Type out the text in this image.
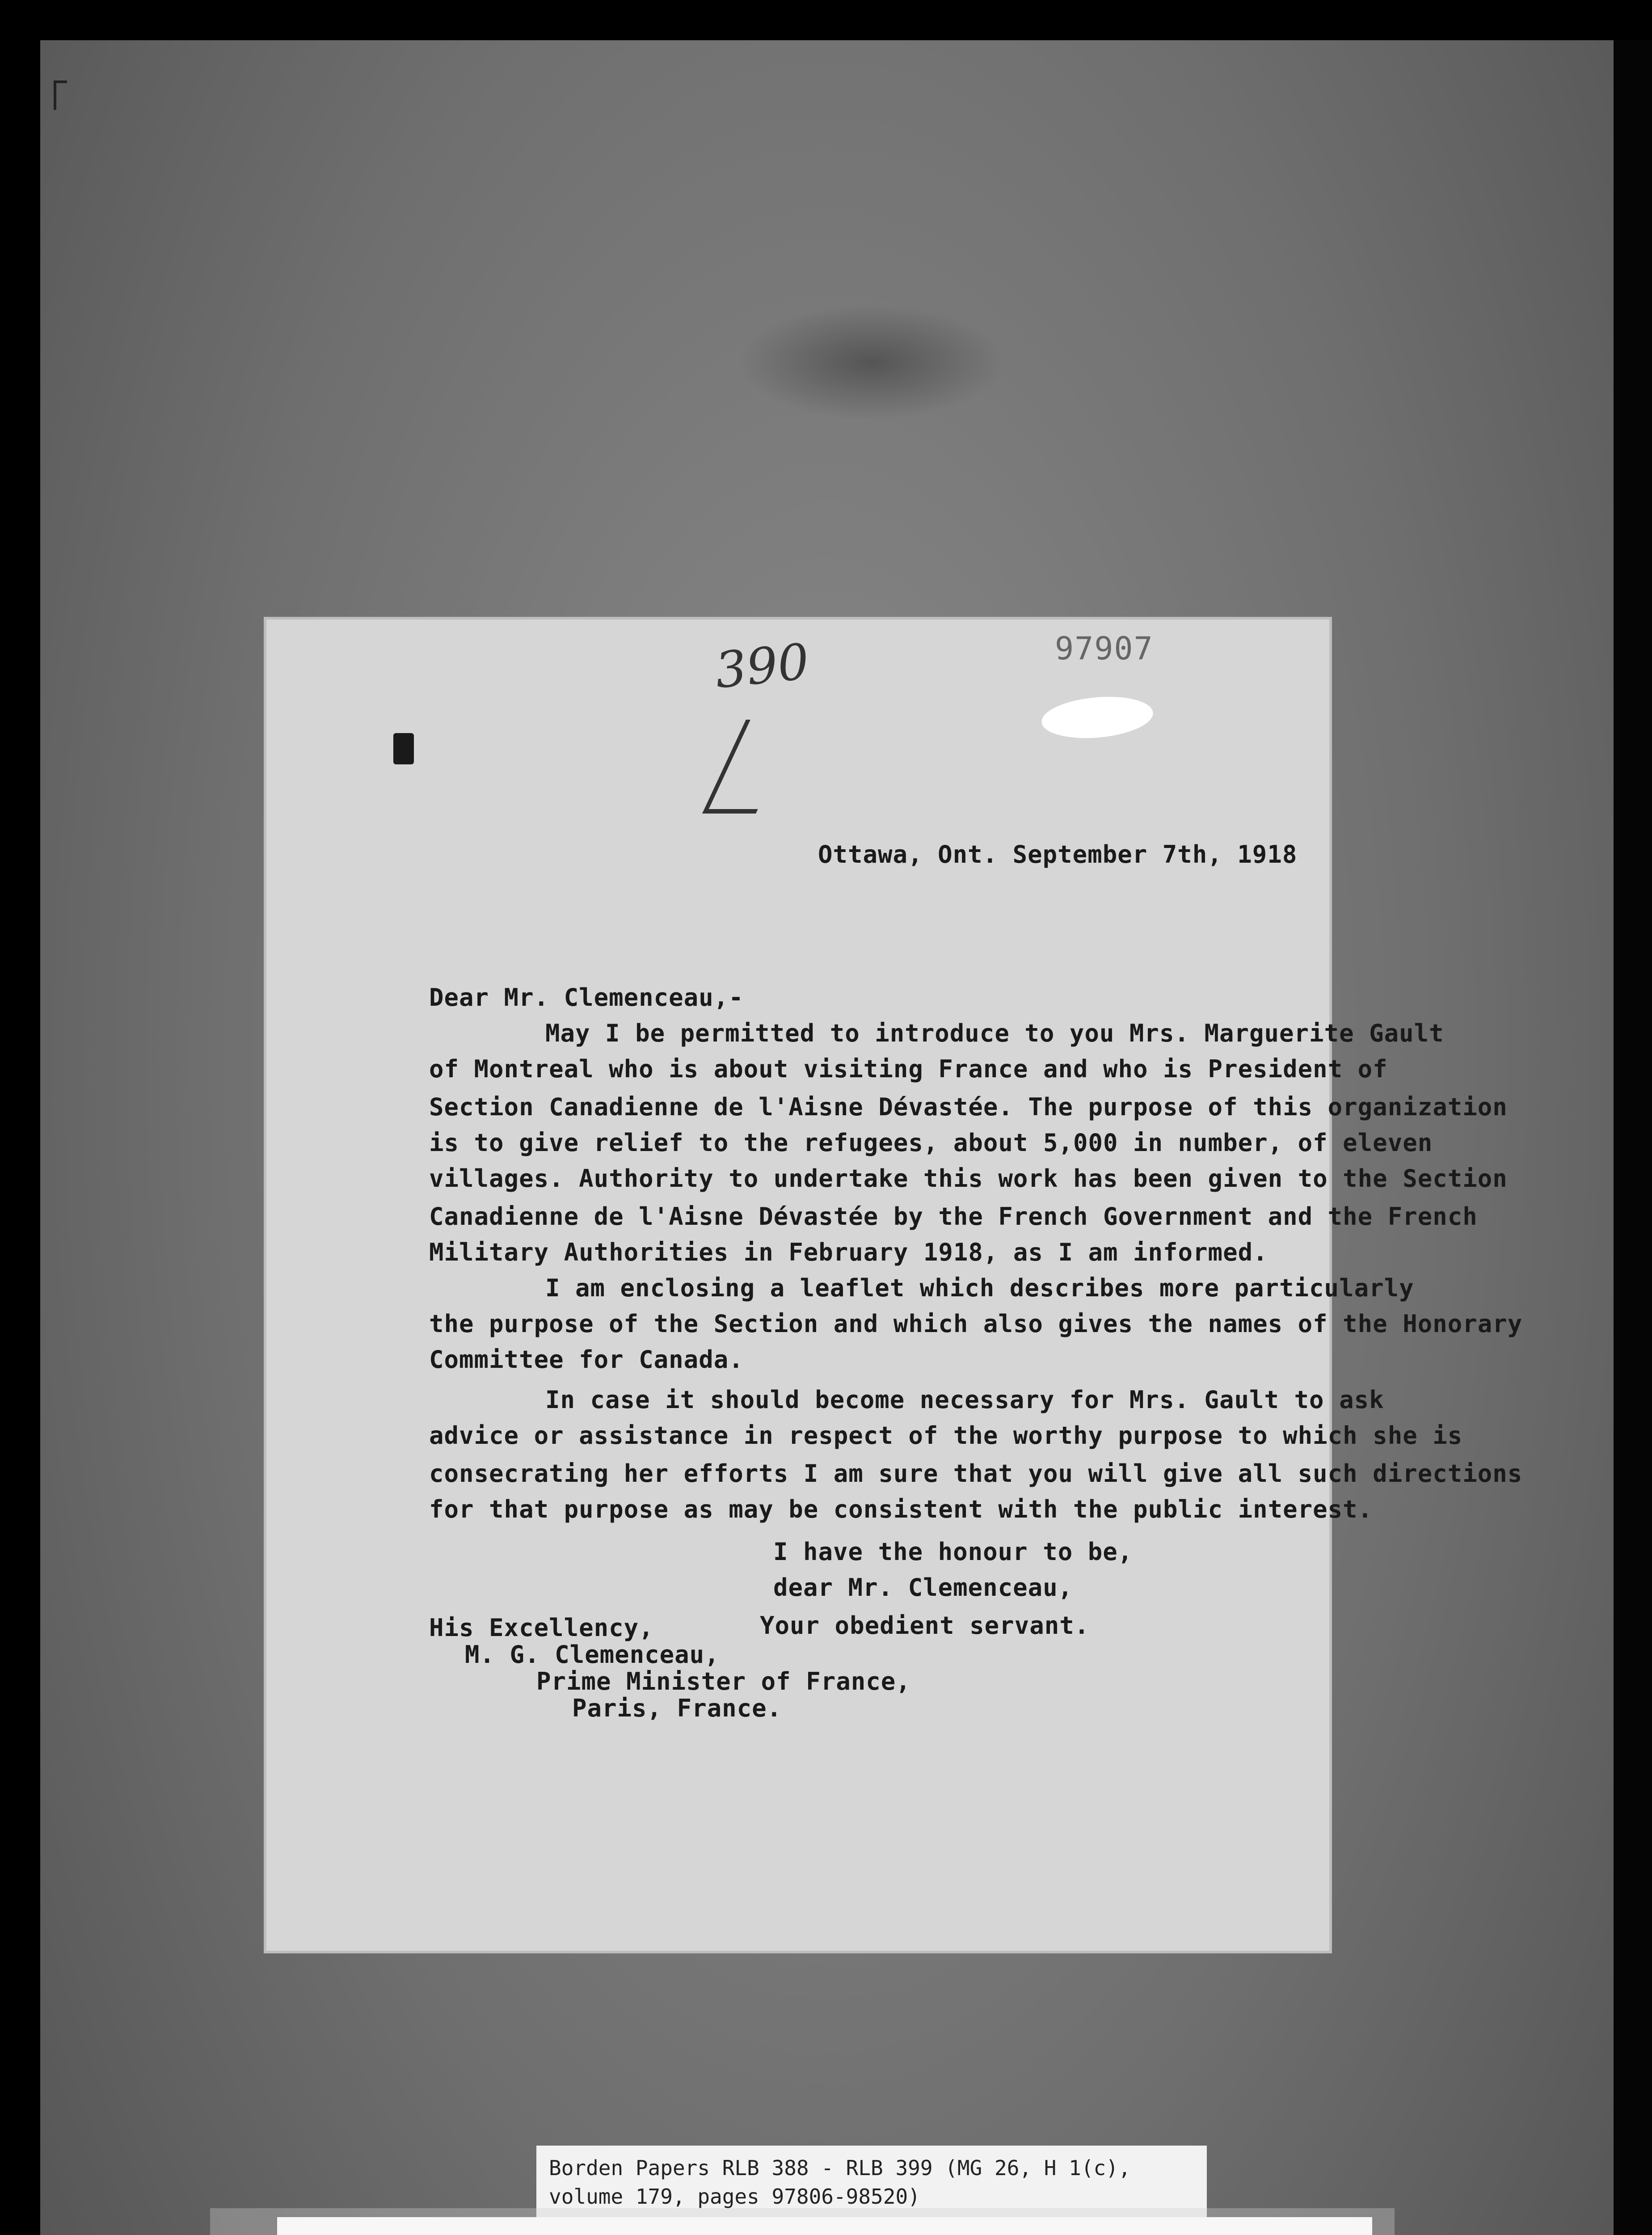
390	97907
Ottawa, Ont. September 7th, 1918
Dear Mr. Clemenceau,-
May I be permitted to introduce to you Mrs. Marguerite Gault
of Montreal who is about visiting France and who is President of
Section Canadienne de l'Aisne Dévastée. The purpose of this organization
is to give relief to the refugees, about 5,000 in number, of eleven
villages. Authority to undertake this work has been given to the Section
Canadienne de l'Aisne Dévastée by the French Government and the French
Military Authorities in February 1918, as I am informed.
I am enclosing a leaflet which describes more particularly
the purpose of the Section and which also gives the names of the Honorary
Committee for Canada.
In case it should become necessary for Mrs. Gault to ask
advice or assistance in respect of the worthy purpose to which she is
consecrating her efforts I am sure that you will give all such directions
for that purpose as may be consistent with the public interest.
I have the honour to be,
dear Mr. Clemenceau,
Your obedient servant.
His Excellency,
M. G. Clemenceau,
Prime Minister of France,
Paris, France.
Borden Papers RLB 388 - RLB 399 (MG 26, H 1(c),
volume 179, pages 97806-98520)
